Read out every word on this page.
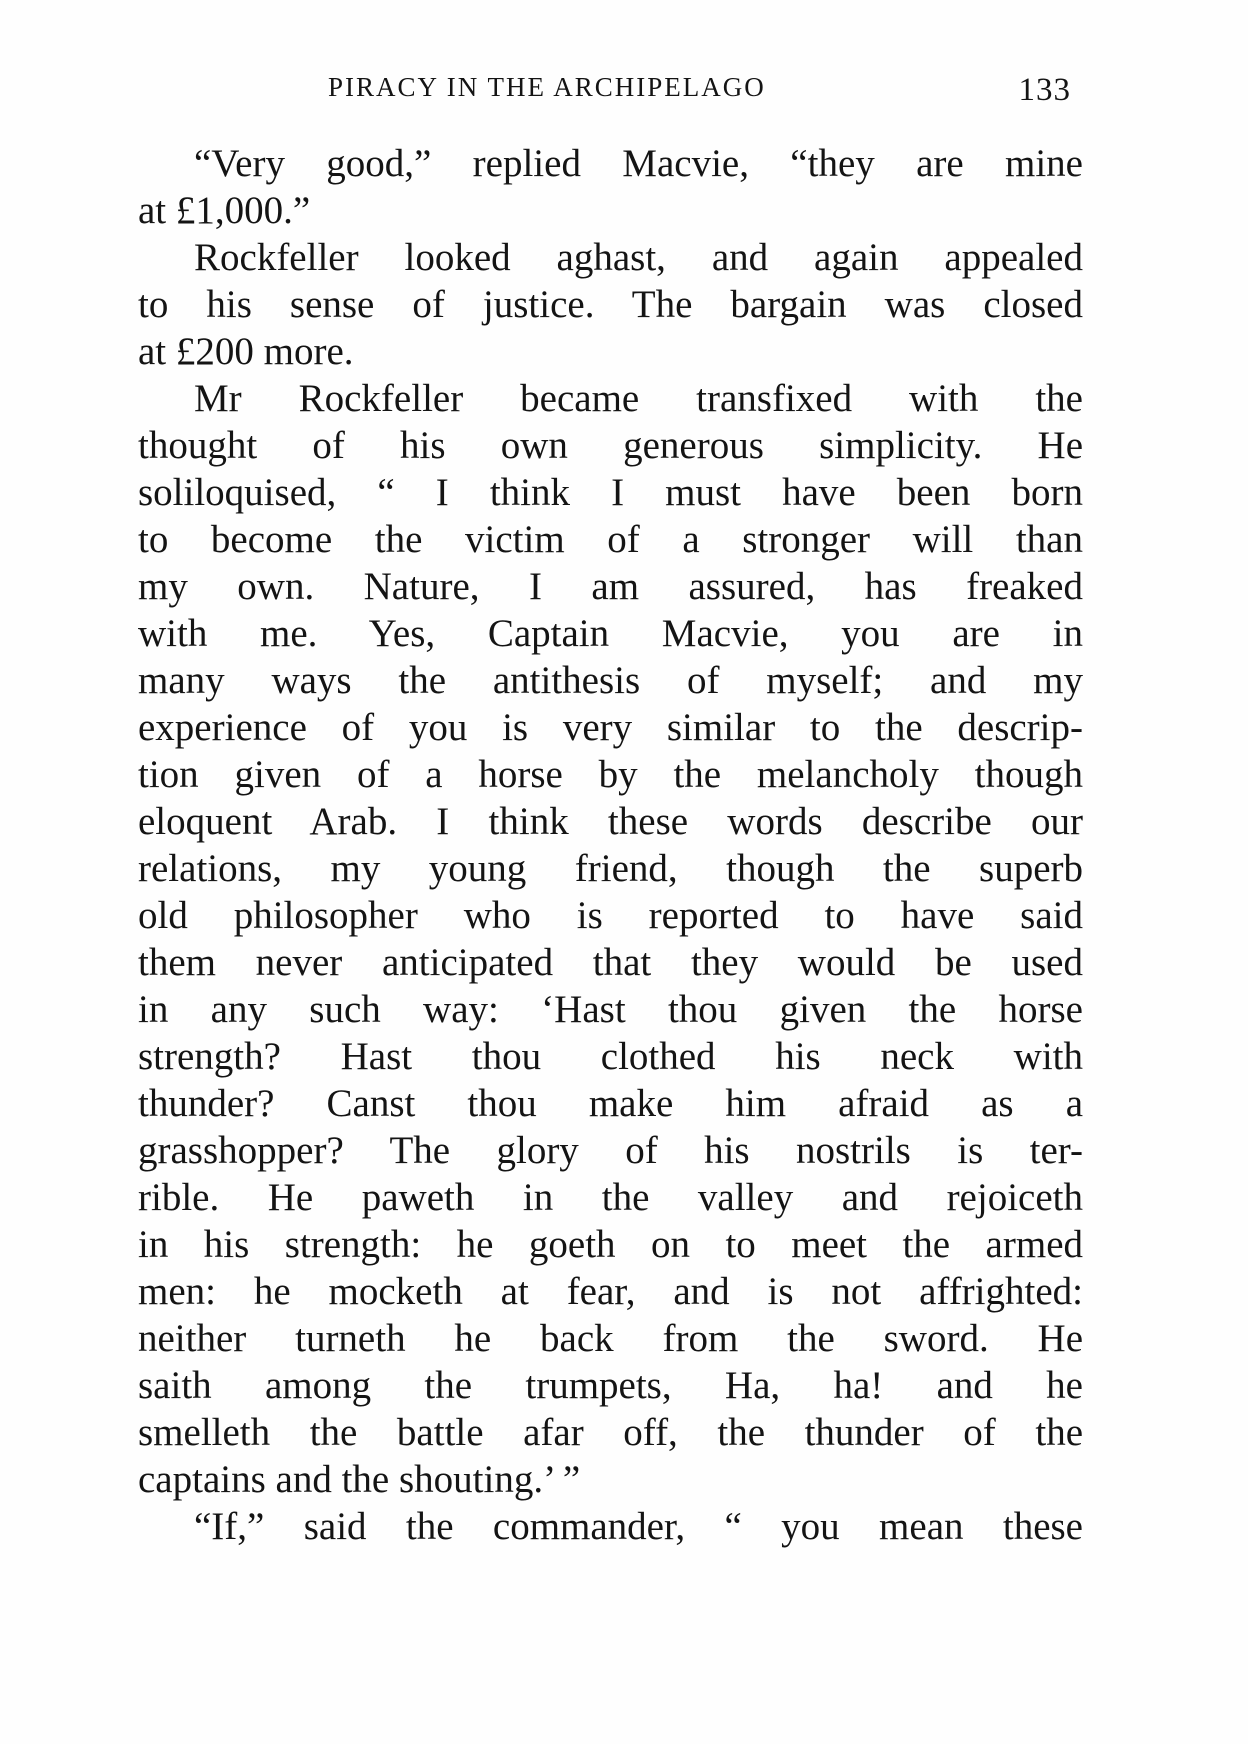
PIRACY IN THE ARCHIPELAGO	133
“Very good,” replied Macvie, “they are mine
at £1,000.”
Rockfeller looked aghast, and again appealed
to his sense of justice. The bargain was closed
at £200 more.
Mr Rockfeller became transfixed with the
thought of his own generous simplicity. He
soliloquised, “ I think I must have been born
to become the victim of a stronger will than
my own. Nature, I am assured, has freaked
with me. Yes, Captain Macvie, you are in
many ways the antithesis of myself; and my
experience of you is very similar to the descrip-
tion given of a horse by the melancholy though
eloquent Arab. I think these words describe our
relations, my young friend, though the superb
old philosopher who is reported to have said
them never anticipated that they would be used
in any such way: ‘Hast thou given the horse
strength? Hast thou clothed his neck with
thunder? Canst thou make him afraid as a
grasshopper? The glory of his nostrils is ter-
rible. He paweth in the valley and rejoiceth
in his strength: he goeth on to meet the armed
men: he mocketh at fear, and is not affrighted:
neither turneth he back from the sword. He
saith among the trumpets, Ha, ha! and he
smelleth the battle afar off, the thunder of the
captains and the shouting.’ ”
“If,” said the commander, “ you mean these
